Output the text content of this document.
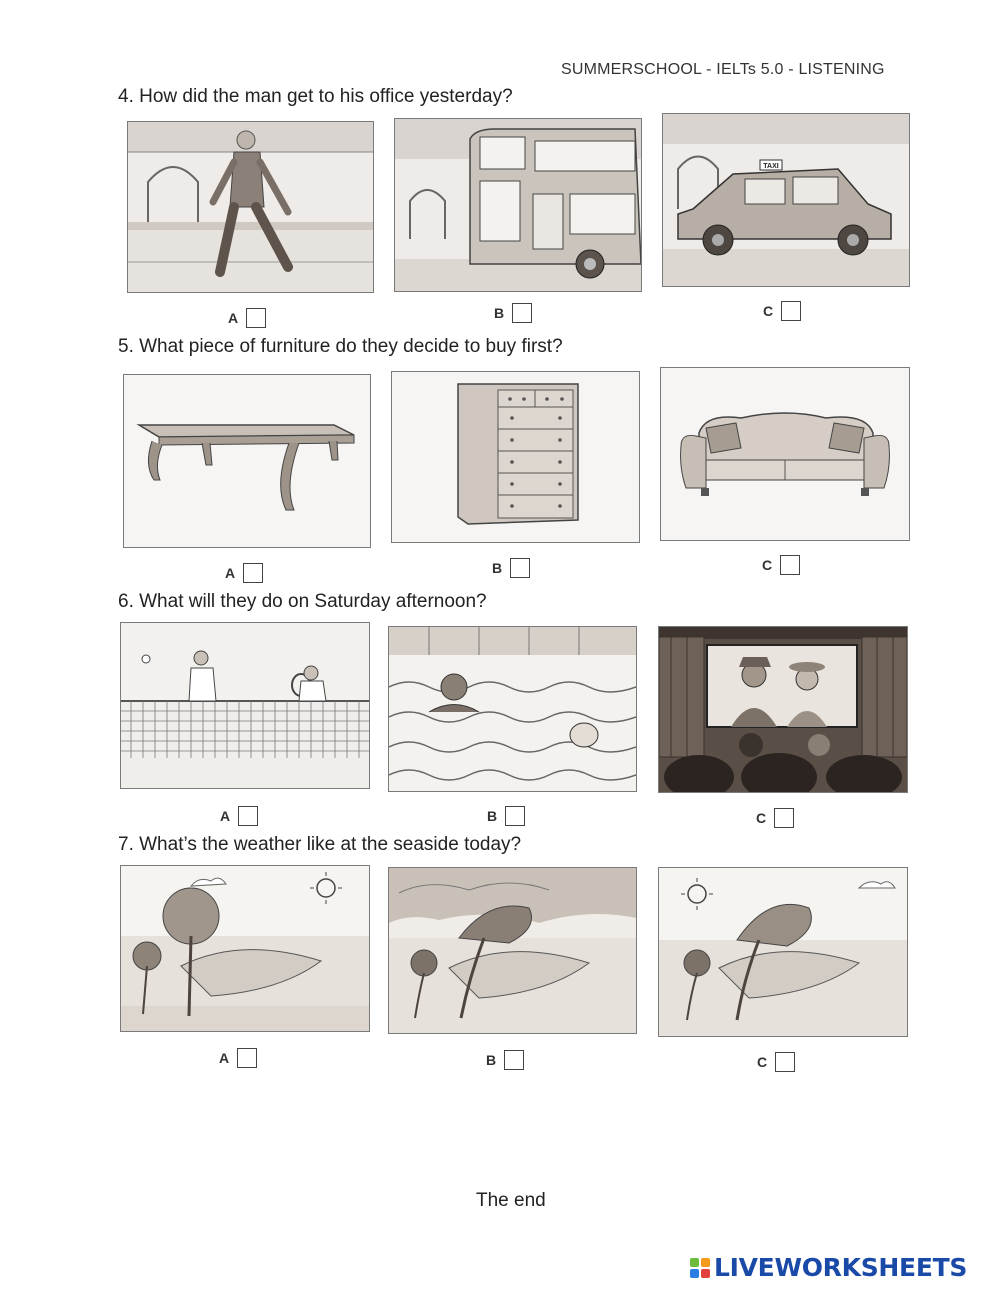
SUMMERSCHOOL - IELTs 5.0 - LISTENING
4. How did the man get to his office yesterday?
A	B
TAXI
C
5. What piece of furniture do they decide to buy first?
A	B	C
6. What will they do on Saturday afternoon?
A	B	C
7. What’s the weather like at the seaside today?
A	B	C
The end
LIVEWORKSHEETS
